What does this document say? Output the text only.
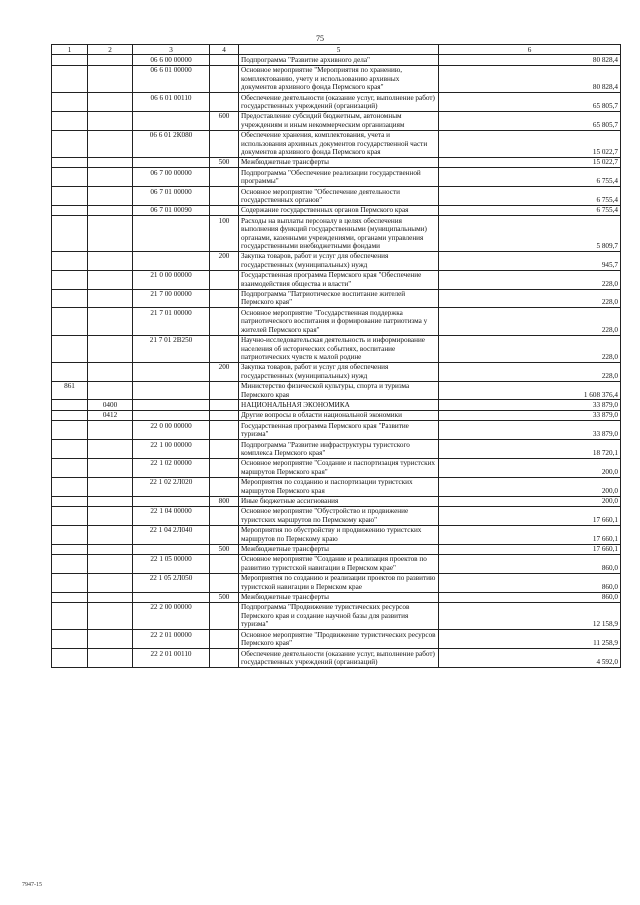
75
1	2	3	4	5	6
		06 6 00 00000		Подпрограмма "Развитие архивного дела"	80 828,4
		06 6 01 00000		Основное мероприятие "Мероприятия по хранению, комплектованию, учету и использованию архивных документов архивного фонда Пермского края"	80 828,4
		06 6 01 00110		Обеспечение деятельности (оказание услуг, выполнение работ) государственных учреждений (организаций)	65 805,7
			600	Предоставление субсидий бюджетным, автономным учреждениям и иным некоммерческим организациям	65 805,7
		06 6 01 2К080		Обеспечение хранения, комплектования, учета и использования архивных документов государственной части документов архивного фонда Пермского края	15 022,7
			500	Межбюджетные трансферты	15 022,7
		06 7 00 00000		Подпрограмма "Обеспечение реализации государственной программы"	6 755,4
		06 7 01 00000		Основное мероприятие "Обеспечение деятельности государственных органов"	6 755,4
		06 7 01 00090		Содержание государственных органов Пермского края	6 755,4
			100	Расходы на выплаты персоналу в целях обеспечения выполнения функций государственными (муниципальными) органами, казенными учреждениями, органами управления государственными внебюджетными фондами	5 809,7
			200	Закупка товаров, работ и услуг для обеспечения государственных (муниципальных) нужд	945,7
		21 0 00 00000		Государственная программа Пермского края "Обеспечение взаимодействия общества и власти"	228,0
		21 7 00 00000		Подпрограмма "Патриотическое воспитание жителей Пермского края"	228,0
		21 7 01 00000		Основное мероприятие "Государственная поддержка патриотического воспитания и формирование патриотизма у жителей Пермского края"	228,0
		21 7 01 2В250		Научно-исследовательская деятельность и информирование населения об исторических событиях, воспитание патриотических чувств к малой родине	228,0
			200	Закупка товаров, работ и услуг для обеспечения государственных (муниципальных) нужд	228,0
861				Министерство физической культуры, спорта и туризма Пермского края	1 608 376,4
	0400			НАЦИОНАЛЬНАЯ ЭКОНОМИКА	33 879,0
	0412			Другие вопросы в области национальной экономики	33 879,0
		22 0 00 00000		Государственная программа Пермского края "Развитие туризма"	33 879,0
		22 1 00 00000		Подпрограмма "Развитие инфраструктуры туристского комплекса Пермского края"	18 720,1
		22 1 02 00000		Основное мероприятие "Создание и паспортизация туристских маршрутов Пермского края"	200,0
		22 1 02 2Л020		Мероприятия по созданию и паспортизации туристских маршрутов Пермского края	200,0
			800	Иные бюджетные ассигнования	200,0
		22 1 04 00000		Основное мероприятие "Обустройство и продвижение туристских маршрутов по Пермскому краю"	17 660,1
		22 1 04 2Л040		Мероприятия по обустройству и продвижению туристских маршрутов по Пермскому краю	17 660,1
			500	Межбюджетные трансферты	17 660,1
		22 1 05 00000		Основное мероприятие "Создание и реализация проектов по развитию туристской навигации в Пермском крае"	860,0
		22 1 05 2Л050		Мероприятия по созданию и реализации проектов по развитию туристской навигации в Пермском крае	860,0
			500	Межбюджетные трансферты	860,0
		22 2 00 00000		Подпрограмма "Продвижение туристических ресурсов Пермского края и создание научной базы для развития туризма"	12 158,9
		22 2 01 00000		Основное мероприятие "Продвижение туристических ресурсов Пермского края"	11 258,9
		22 2 01 00110		Обеспечение деятельности (оказание услуг, выполнение работ) государственных учреждений (организаций)	4 592,0
7947-15
